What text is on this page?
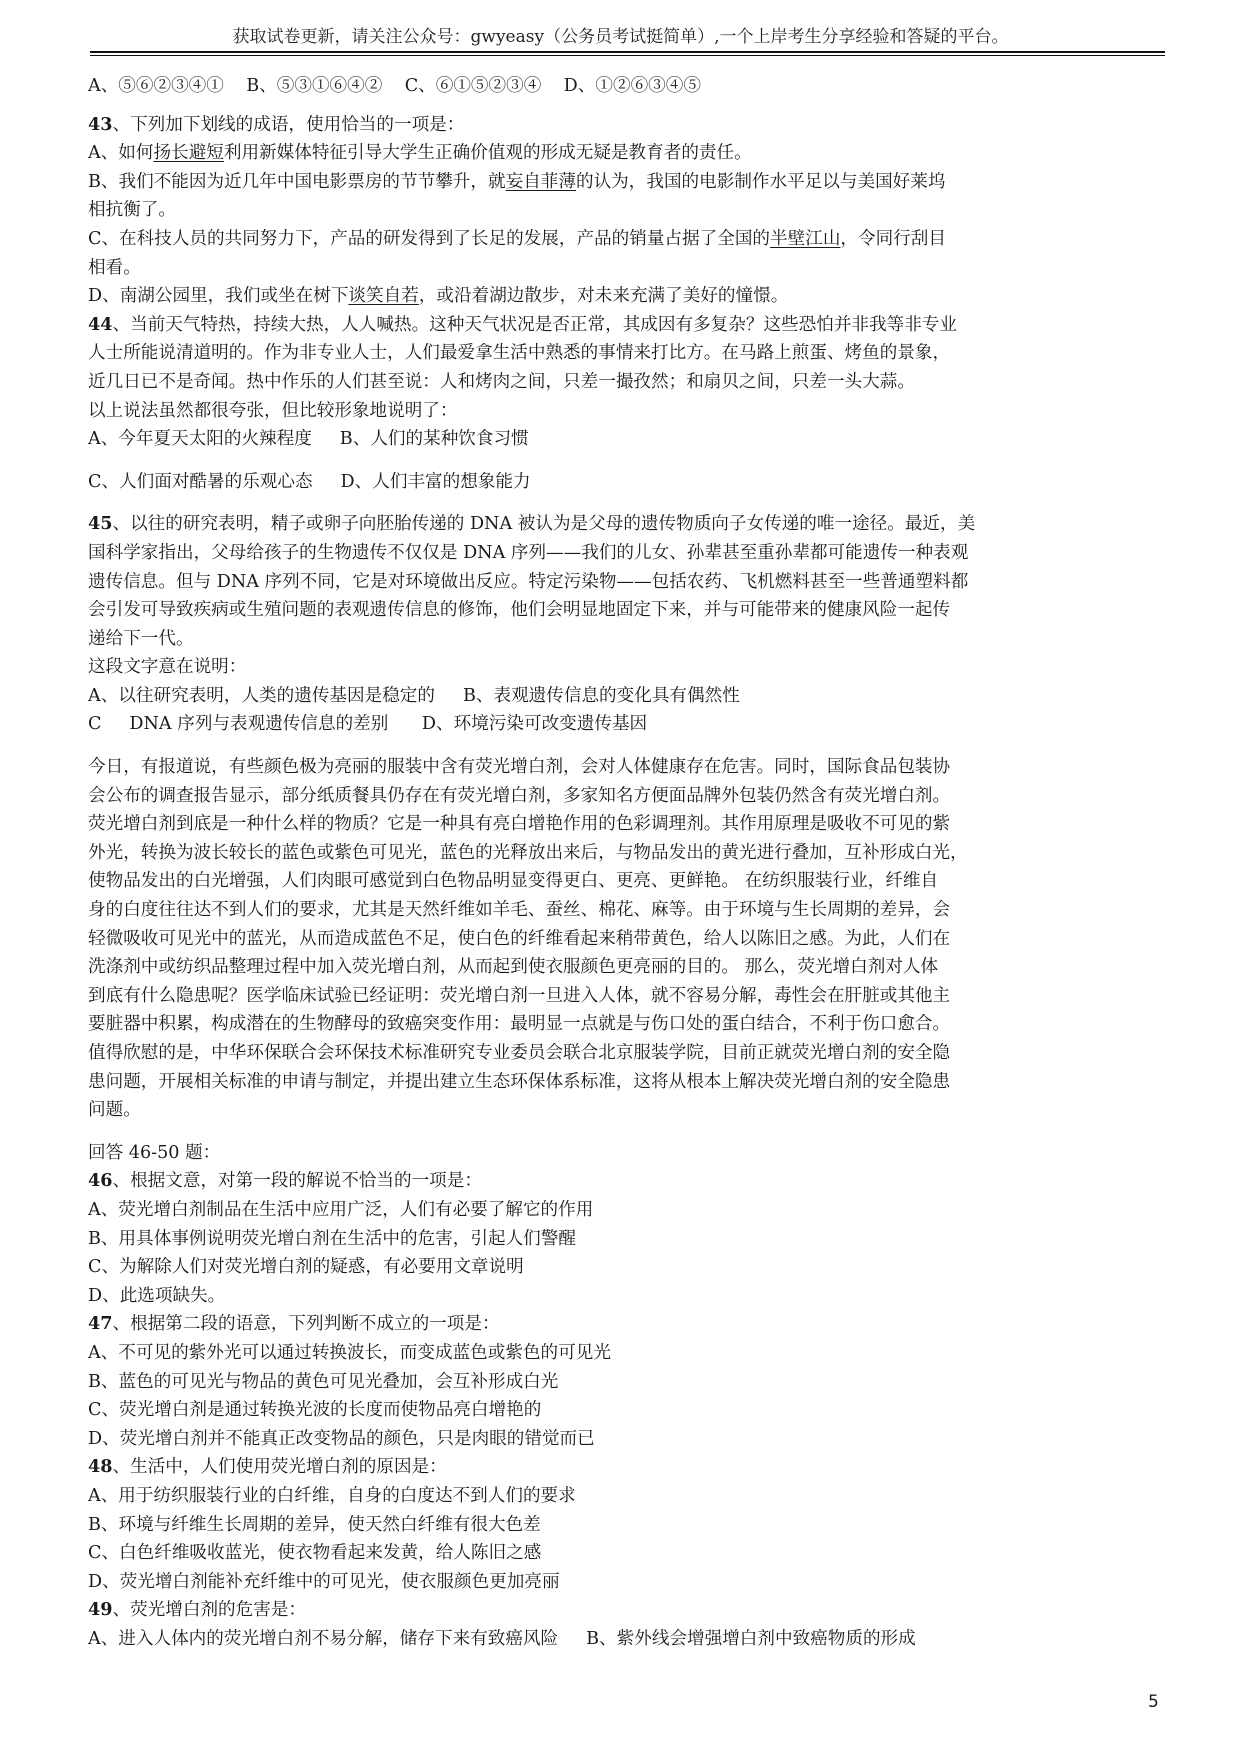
获取试卷更新，请关注公众号：gwyeasy（公务员考试挺简单）,一个上岸考生分享经验和答疑的平台。

A、⑤⑥②③④①    B、⑤③①⑥④②    C、⑥①⑤②③④    D、①②⑥③④⑤

43、下列加下划线的成语，使用恰当的一项是：

A、如何扬长避短利用新媒体特征引导大学生正确价值观的形成无疑是教育者的责任。

B、我们不能因为近几年中国电影票房的节节攀升，就妄自菲薄的认为，我国的电影制作水平足以与美国好莱坞

相抗衡了。

C、在科技人员的共同努力下，产品的研发得到了长足的发展，产品的销量占据了全国的半壁江山，令同行刮目

相看。

D、南湖公园里，我们或坐在树下谈笑自若，或沿着湖边散步，对未来充满了美好的憧憬。

44、当前天气特热，持续大热，人人喊热。这种天气状况是否正常，其成因有多复杂？这些恐怕并非我等非专业

人士所能说清道明的。作为非专业人士，人们最爱拿生活中熟悉的事情来打比方。在马路上煎蛋、烤鱼的景象，

近几日已不是奇闻。热中作乐的人们甚至说：人和烤肉之间，只差一撮孜然；和扇贝之间，只差一头大蒜。

以上说法虽然都很夸张，但比较形象地说明了：

A、今年夏天太阳的火辣程度     B、人们的某种饮食习惯

C、人们面对酷暑的乐观心态     D、人们丰富的想象能力

45、以往的研究表明，精子或卵子向胚胎传递的 DNA 被认为是父母的遗传物质向子女传递的唯一途径。最近，美

国科学家指出，父母给孩子的生物遗传不仅仅是 DNA 序列——我们的儿女、孙辈甚至重孙辈都可能遗传一种表观

遗传信息。但与 DNA 序列不同，它是对环境做出反应。特定污染物——包括农药、飞机燃料甚至一些普通塑料都

会引发可导致疾病或生殖问题的表观遗传信息的修饰，他们会明显地固定下来，并与可能带来的健康风险一起传

递给下一代。

这段文字意在说明：

A、以往研究表明，人类的遗传基因是稳定的     B、表观遗传信息的变化具有偶然性

C     DNA 序列与表观遗传信息的差别      D、环境污染可改变遗传基因

今日，有报道说，有些颜色极为亮丽的服装中含有荧光增白剂，会对人体健康存在危害。同时，国际食品包装协

会公布的调查报告显示，部分纸质餐具仍存在有荧光增白剂，多家知名方便面品牌外包装仍然含有荧光增白剂。

荧光增白剂到底是一种什么样的物质？它是一种具有亮白增艳作用的色彩调理剂。其作用原理是吸收不可见的紫

外光，转换为波长较长的蓝色或紫色可见光，蓝色的光释放出来后，与物品发出的黄光进行叠加，互补形成白光，

使物品发出的白光增强，人们肉眼可感觉到白色物品明显变得更白、更亮、更鲜艳。 在纺织服装行业，纤维自

身的白度往往达不到人们的要求，尤其是天然纤维如羊毛、蚕丝、棉花、麻等。由于环境与生长周期的差异，会

轻微吸收可见光中的蓝光，从而造成蓝色不足，使白色的纤维看起来稍带黄色，给人以陈旧之感。为此，人们在

洗涤剂中或纺织品整理过程中加入荧光增白剂，从而起到使衣服颜色更亮丽的目的。 那么，荧光增白剂对人体

到底有什么隐患呢？医学临床试验已经证明：荧光增白剂一旦进入人体，就不容易分解，毒性会在肝脏或其他主

要脏器中积累，构成潜在的生物酵母的致癌突变作用：最明显一点就是与伤口处的蛋白结合，不利于伤口愈合。

值得欣慰的是，中华环保联合会环保技术标准研究专业委员会联合北京服装学院，目前正就荧光增白剂的安全隐

患问题，开展相关标准的申请与制定，并提出建立生态环保体系标准，这将从根本上解决荧光增白剂的安全隐患

问题。

回答 46-50 题：

46、根据文意，对第一段的解说不恰当的一项是：

A、荧光增白剂制品在生活中应用广泛，人们有必要了解它的作用

B、用具体事例说明荧光增白剂在生活中的危害，引起人们警醒

C、为解除人们对荧光增白剂的疑惑，有必要用文章说明

D、此选项缺失。

47、根据第二段的语意，下列判断不成立的一项是：

A、不可见的紫外光可以通过转换波长，而变成蓝色或紫色的可见光

B、蓝色的可见光与物品的黄色可见光叠加，会互补形成白光

C、荧光增白剂是通过转换光波的长度而使物品亮白增艳的

D、荧光增白剂并不能真正改变物品的颜色，只是肉眼的错觉而已

48、生活中，人们使用荧光增白剂的原因是：

A、用于纺织服装行业的白纤维，自身的白度达不到人们的要求

B、环境与纤维生长周期的差异，使天然白纤维有很大色差

C、白色纤维吸收蓝光，使衣物看起来发黄，给人陈旧之感

D、荧光增白剂能补充纤维中的可见光，使衣服颜色更加亮丽

49、荧光增白剂的危害是：

A、进入人体内的荧光增白剂不易分解，储存下来有致癌风险     B、紫外线会增强增白剂中致癌物质的形成

5
